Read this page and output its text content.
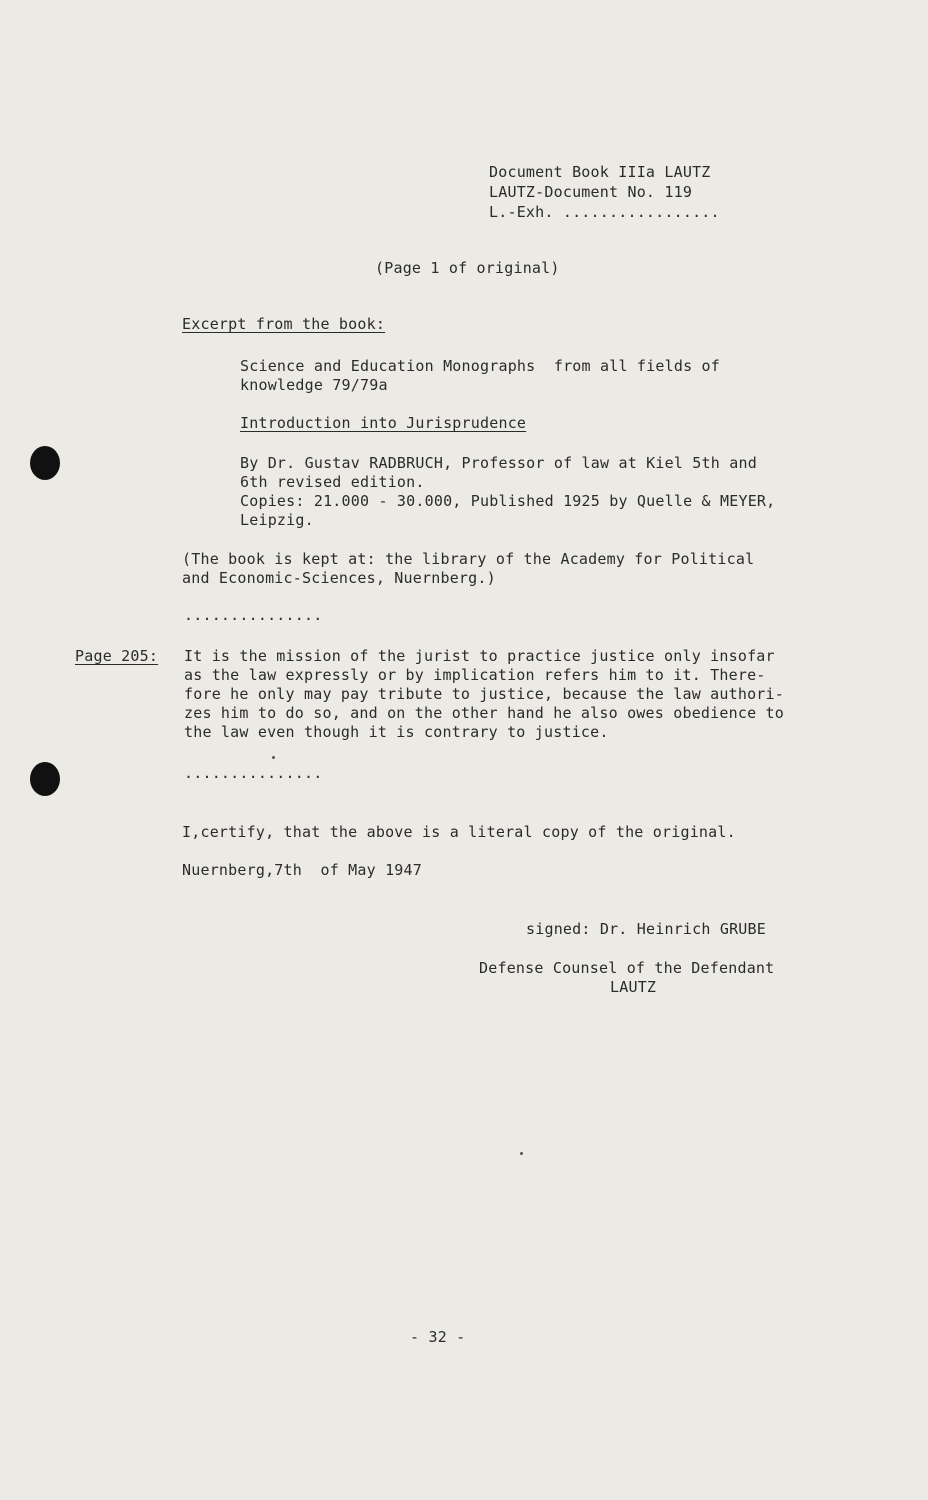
Document Book IIIa LAUTZ
LAUTZ-Document No. 119
L.-Exh. .................
(Page 1 of original)
Excerpt from the book:
Science and Education Monographs  from all fields of
knowledge 79/79a
Introduction into Jurisprudence
By Dr. Gustav RADBRUCH, Professor of law at Kiel 5th and
6th revised edition.
Copies: 21.000 - 30.000, Published 1925 by Quelle & MEYER,
Leipzig.
(The book is kept at: the library of the Academy for Political
and Economic-Sciences, Nuernberg.)
...............
Page 205: It is the mission of the jurist to practice justice only insofar
as the law expressly or by implication refers him to it. There-
fore he only may pay tribute to justice, because the law authori-
zes him to do so, and on the other hand he also owes obedience to
the law even though it is contrary to justice.
...............
I,certify, that the above is a literal copy of the original.
Nuernberg,7th  of May 1947
signed: Dr. Heinrich GRUBE
Defense Counsel of the Defendant
LAUTZ
- 32 -
